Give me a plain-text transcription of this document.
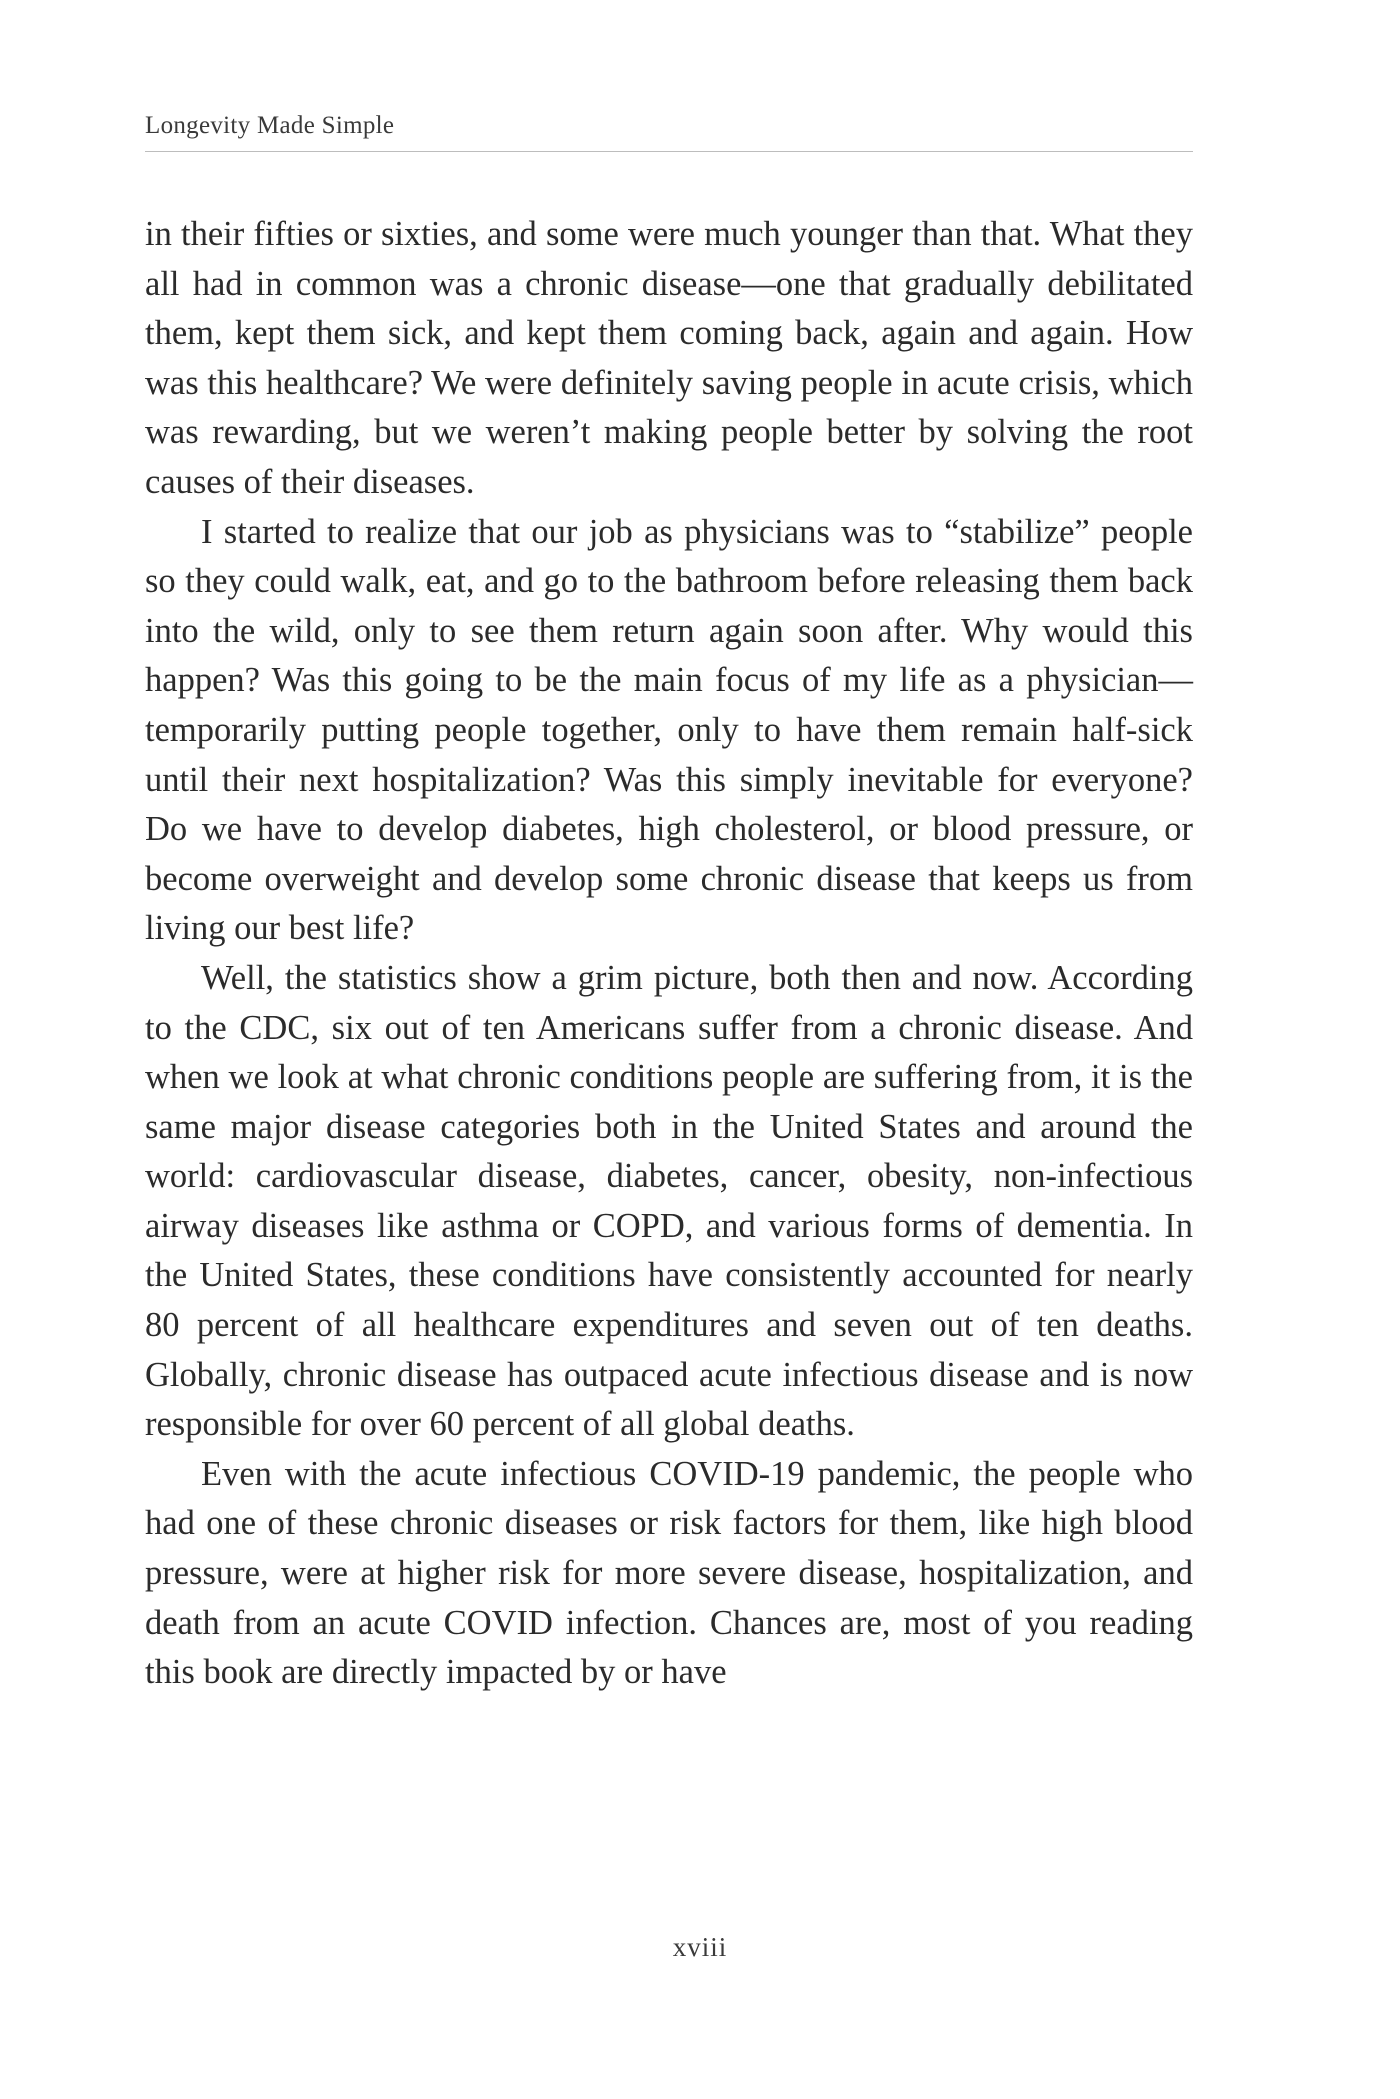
Longevity Made Simple

in their fifties or sixties, and some were much younger than that. What they all had in common was a chronic disease—one that gradually debilitated them, kept them sick, and kept them coming back, again and again. How was this healthcare? We were definitely saving people in acute crisis, which was rewarding, but we weren’t making people better by solving the root causes of their diseases.

I started to realize that our job as physicians was to “stabilize” people so they could walk, eat, and go to the bathroom before releasing them back into the wild, only to see them return again soon after. Why would this happen? Was this going to be the main focus of my life as a physician—temporarily putting people together, only to have them remain half-sick until their next hospitalization? Was this simply inevitable for everyone? Do we have to develop diabetes, high cholesterol, or blood pressure, or become overweight and develop some chronic disease that keeps us from living our best life?

Well, the statistics show a grim picture, both then and now. According to the CDC, six out of ten Americans suffer from a chronic disease. And when we look at what chronic conditions people are suffering from, it is the same major disease categories both in the United States and around the world: cardiovascular disease, diabetes, cancer, obesity, non-infectious airway diseases like asthma or COPD, and various forms of dementia. In the United States, these conditions have consistently accounted for nearly 80 percent of all healthcare expenditures and seven out of ten deaths. Globally, chronic disease has outpaced acute infectious disease and is now responsible for over 60 percent of all global deaths.

Even with the acute infectious COVID-19 pandemic, the people who had one of these chronic diseases or risk factors for them, like high blood pressure, were at higher risk for more severe disease, hospitalization, and death from an acute COVID infection. Chances are, most of you reading this book are directly impacted by or have

xviii
